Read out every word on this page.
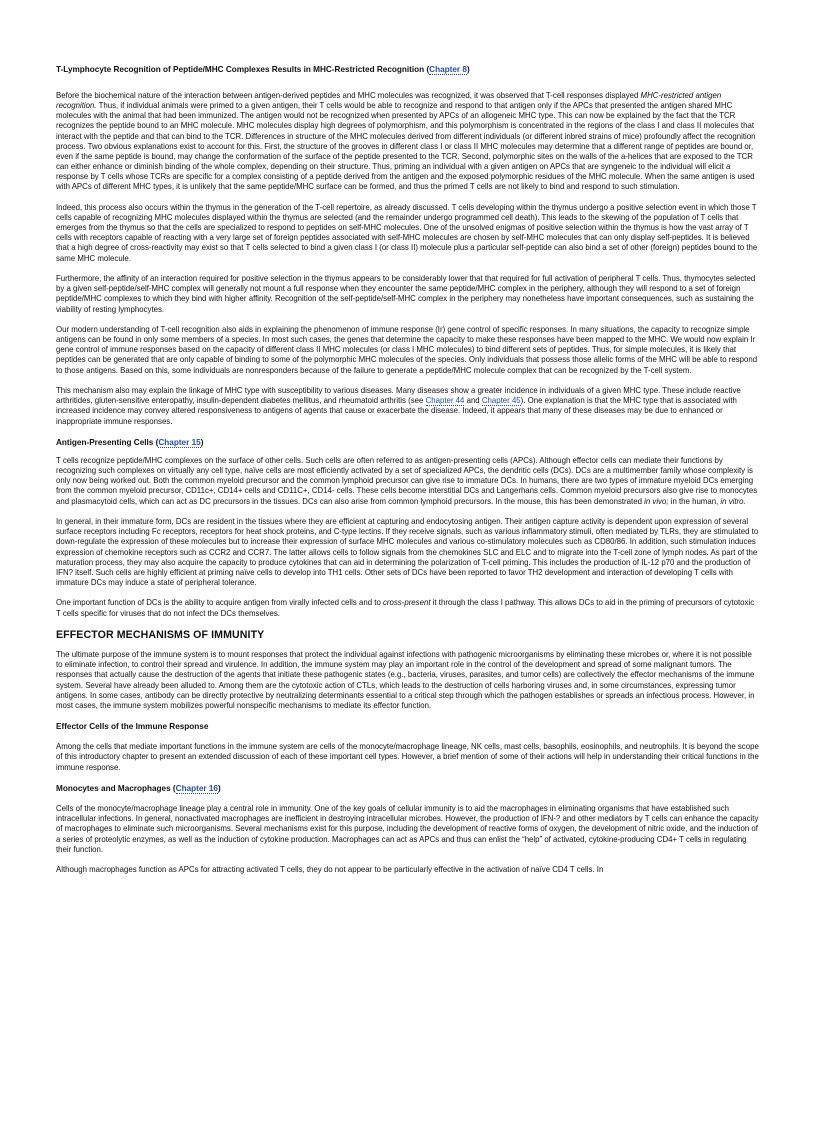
T-Lymphocyte Recognition of Peptide/MHC Complexes Results in MHC-Restricted Recognition (Chapter 8)

Before the biochemical nature of the interaction between antigen-derived peptides and MHC molecules was recognized, it was observed that T-cell responses displayed MHC-restricted antigen recognition. Thus, if individual animals were primed to a given antigen, their T cells would be able to recognize and respond to that antigen only if the APCs that presented the antigen shared MHC molecules with the animal that had been immunized. The antigen would not be recognized when presented by APCs of an allogeneic MHC type. This can now be explained by the fact that the TCR recognizes the peptide bound to an MHC molecule. MHC molecules display high degrees of polymorphism, and this polymorphism is concentrated in the regions of the class I and class II molecules that interact with the peptide and that can bind to the TCR. Differences in structure of the MHC molecules derived from different individuals (or different inbred strains of mice) profoundly affect the recognition process. Two obvious explanations exist to account for this. First, the structure of the grooves in different class I or class II MHC molecules may determine that a different range of peptides are bound or, even if the same peptide is bound, may change the conformation of the surface of the peptide presented to the TCR. Second, polymorphic sites on the walls of the a-helices that are exposed to the TCR can either enhance or diminish binding of the whole complex, depending on their structure. Thus, priming an individual with a given antigen on APCs that are syngeneic to the individual will elicit a response by T cells whose TCRs are specific for a complex consisting of a peptide derived from the antigen and the exposed polymorphic residues of the MHC molecule. When the same antigen is used with APCs of different MHC types, it is unlikely that the same peptide/MHC surface can be formed, and thus the primed T cells are not likely to bind and respond to such stimulation.

Indeed, this process also occurs within the thymus in the generation of the T-cell repertoire, as already discussed. T cells developing within the thymus undergo a positive selection event in which those T cells capable of recognizing MHC molecules displayed within the thymus are selected (and the remainder undergo programmed cell death). This leads to the skewing of the population of T cells that emerges from the thymus so that the cells are specialized to respond to peptides on self-MHC molecules. One of the unsolved enigmas of positive selection within the thymus is how the vast array of T cells with receptors capable of reacting with a very large set of foreign peptides associated with self-MHC molecules are chosen by self-MHC molecules that can only display self-peptides. It is believed that a high degree of cross-reactivity may exist so that T cells selected to bind a given class I (or class II) molecule plus a particular self-peptide can also bind a set of other (foreign) peptides bound to the same MHC molecule.

Furthermore, the affinity of an interaction required for positive selection in the thymus appears to be considerably lower that that required for full activation of peripheral T cells. Thus, thymocytes selected by a given self-peptide/self-MHC complex will generally not mount a full response when they encounter the same peptide/MHC complex in the periphery, although they will respond to a set of foreign peptide/MHC complexes to which they bind with higher affinity. Recognition of the self-peptide/self-MHC complex in the periphery may nonetheless have important consequences, such as sustaining the viability of resting lymphocytes.

Our modern understanding of T-cell recognition also aids in explaining the phenomenon of immune response (Ir) gene control of specific responses. In many situations, the capacity to recognize simple antigens can be found in only some members of a species. In most such cases, the genes that determine the capacity to make these responses have been mapped to the MHC. We would now explain Ir gene control of immune responses based on the capacity of different class II MHC molecules (or class I MHC molecules) to bind different sets of peptides. Thus, for simple molecules, it is likely that peptides can be generated that are only capable of binding to some of the polymorphic MHC molecules of the species. Only individuals that possess those allelic forms of the MHC will be able to respond to those antigens. Based on this, some individuals are nonresponders because of the failure to generate a peptide/MHC molecule complex that can be recognized by the T-cell system.

This mechanism also may explain the linkage of MHC type with susceptibility to various diseases. Many diseases show a greater incidence in individuals of a given MHC type. These include reactive arthritides, gluten-sensitive enteropathy, insulin-dependent diabetes mellitus, and rheumatoid arthritis (see Chapter 44 and Chapter 45). One explanation is that the MHC type that is associated with increased incidence may convey altered responsiveness to antigens of agents that cause or exacerbate the disease. Indeed, it appears that many of these diseases may be due to enhanced or inappropriate immune responses.

Antigen-Presenting Cells (Chapter 15)

T cells recognize peptide/MHC complexes on the surface of other cells. Such cells are often referred to as antigen-presenting cells (APCs). Although effector cells can mediate their functions by recognizing such complexes on virtually any cell type, naïve cells are most efficiently activated by a set of specialized APCs, the dendritic cells (DCs). DCs are a multimember family whose complexity is only now being worked out. Both the common myeloid precursor and the common lymphoid precursor can give rise to immature DCs. In humans, there are two types of immature myeloid DCs emerging from the common myeloid precursor, CD11c+, CD14+ cells and CD11C+, CD14- cells. These cells become interstitial DCs and Langerhans cells. Common myeloid precursors also give rise to monocytes and plasmacytoid cells, which can act as DC precursors in the tissues. DCs can also arise from common lymphoid precursors. In the mouse, this has been demonstrated in vivo; in the human, in vitro.

In general, in their immature form, DCs are resident in the tissues where they are efficient at capturing and endocytosing antigen. Their antigen capture activity is dependent upon expression of several surface receptors including Fc receptors, receptors for heat shock proteins, and C-type lectins. If they receive signals, such as various inflammatory stimuli, often mediated by TLRs, they are stimulated to down-regulate the expression of these molecules but to increase their expression of surface MHC molecules and various co-stimulatory molecules such as CD80/86. In addition, such stimulation induces expression of chemokine receptors such as CCR2 and CCR7. The latter allows cells to follow signals from the chemokines SLC and ELC and to migrate into the T-cell zone of lymph nodes. As part of the maturation process, they may also acquire the capacity to produce cytokines that can aid in determining the polarization of T-cell priming. This includes the production of IL-12 p70 and the production of IFN? itself. Such cells are highly efficient at priming naïve cells to develop into TH1 cells. Other sets of DCs have been reported to favor TH2 development and interaction of developing T cells with immature DCs may induce a state of peripheral tolerance.

One important function of DCs is the ability to acquire antigen from virally infected cells and to cross-present it through the class I pathway. This allows DCs to aid in the priming of precursors of cytotoxic T cells specific for viruses that do not infect the DCs themselves.

EFFECTOR MECHANISMS OF IMMUNITY

The ultimate purpose of the immune system is to mount responses that protect the individual against infections with pathogenic microorganisms by eliminating these microbes or, where it is not possible to eliminate infection, to control their spread and virulence. In addition, the immune system may play an important role in the control of the development and spread of some malignant tumors. The responses that actually cause the destruction of the agents that initiate these pathogenic states (e.g., bacteria, viruses, parasites, and tumor cells) are collectively the effector mechanisms of the immune system. Several have already been alluded to. Among them are the cytotoxic action of CTLs, which leads to the destruction of cells harboring viruses and, in some circumstances, expressing tumor antigens. In some cases, antibody can be directly protective by neutralizing determinants essential to a critical step through which the pathogen establishes or spreads an infectious process. However, in most cases, the immune system mobilizes powerful nonspecific mechanisms to mediate its effector function.

Effector Cells of the Immune Response

Among the cells that mediate important functions in the immune system are cells of the monocyte/macrophage lineage, NK cells, mast cells, basophils, eosinophils, and neutrophils. It is beyond the scope of this introductory chapter to present an extended discussion of each of these important cell types. However, a brief mention of some of their actions will help in understanding their critical functions in the immune response.

Monocytes and Macrophages (Chapter 16)

Cells of the monocyte/macrophage lineage play a central role in immunity. One of the key goals of cellular immunity is to aid the macrophages in eliminating organisms that have established such intracellular infections. In general, nonactivated macrophages are inefficient in destroying intracellular microbes. However, the production of IFN-? and other mediators by T cells can enhance the capacity of macrophages to eliminate such microorganisms. Several mechanisms exist for this purpose, including the development of reactive forms of oxygen, the development of nitric oxide, and the induction of a series of proteolytic enzymes, as well as the induction of cytokine production. Macrophages can act as APCs and thus can enlist the “help” of activated, cytokine-producing CD4+ T cells in regulating their function.

Although macrophages function as APCs for attracting activated T cells, they do not appear to be particularly effective in the activation of naïve CD4 T cells. In
